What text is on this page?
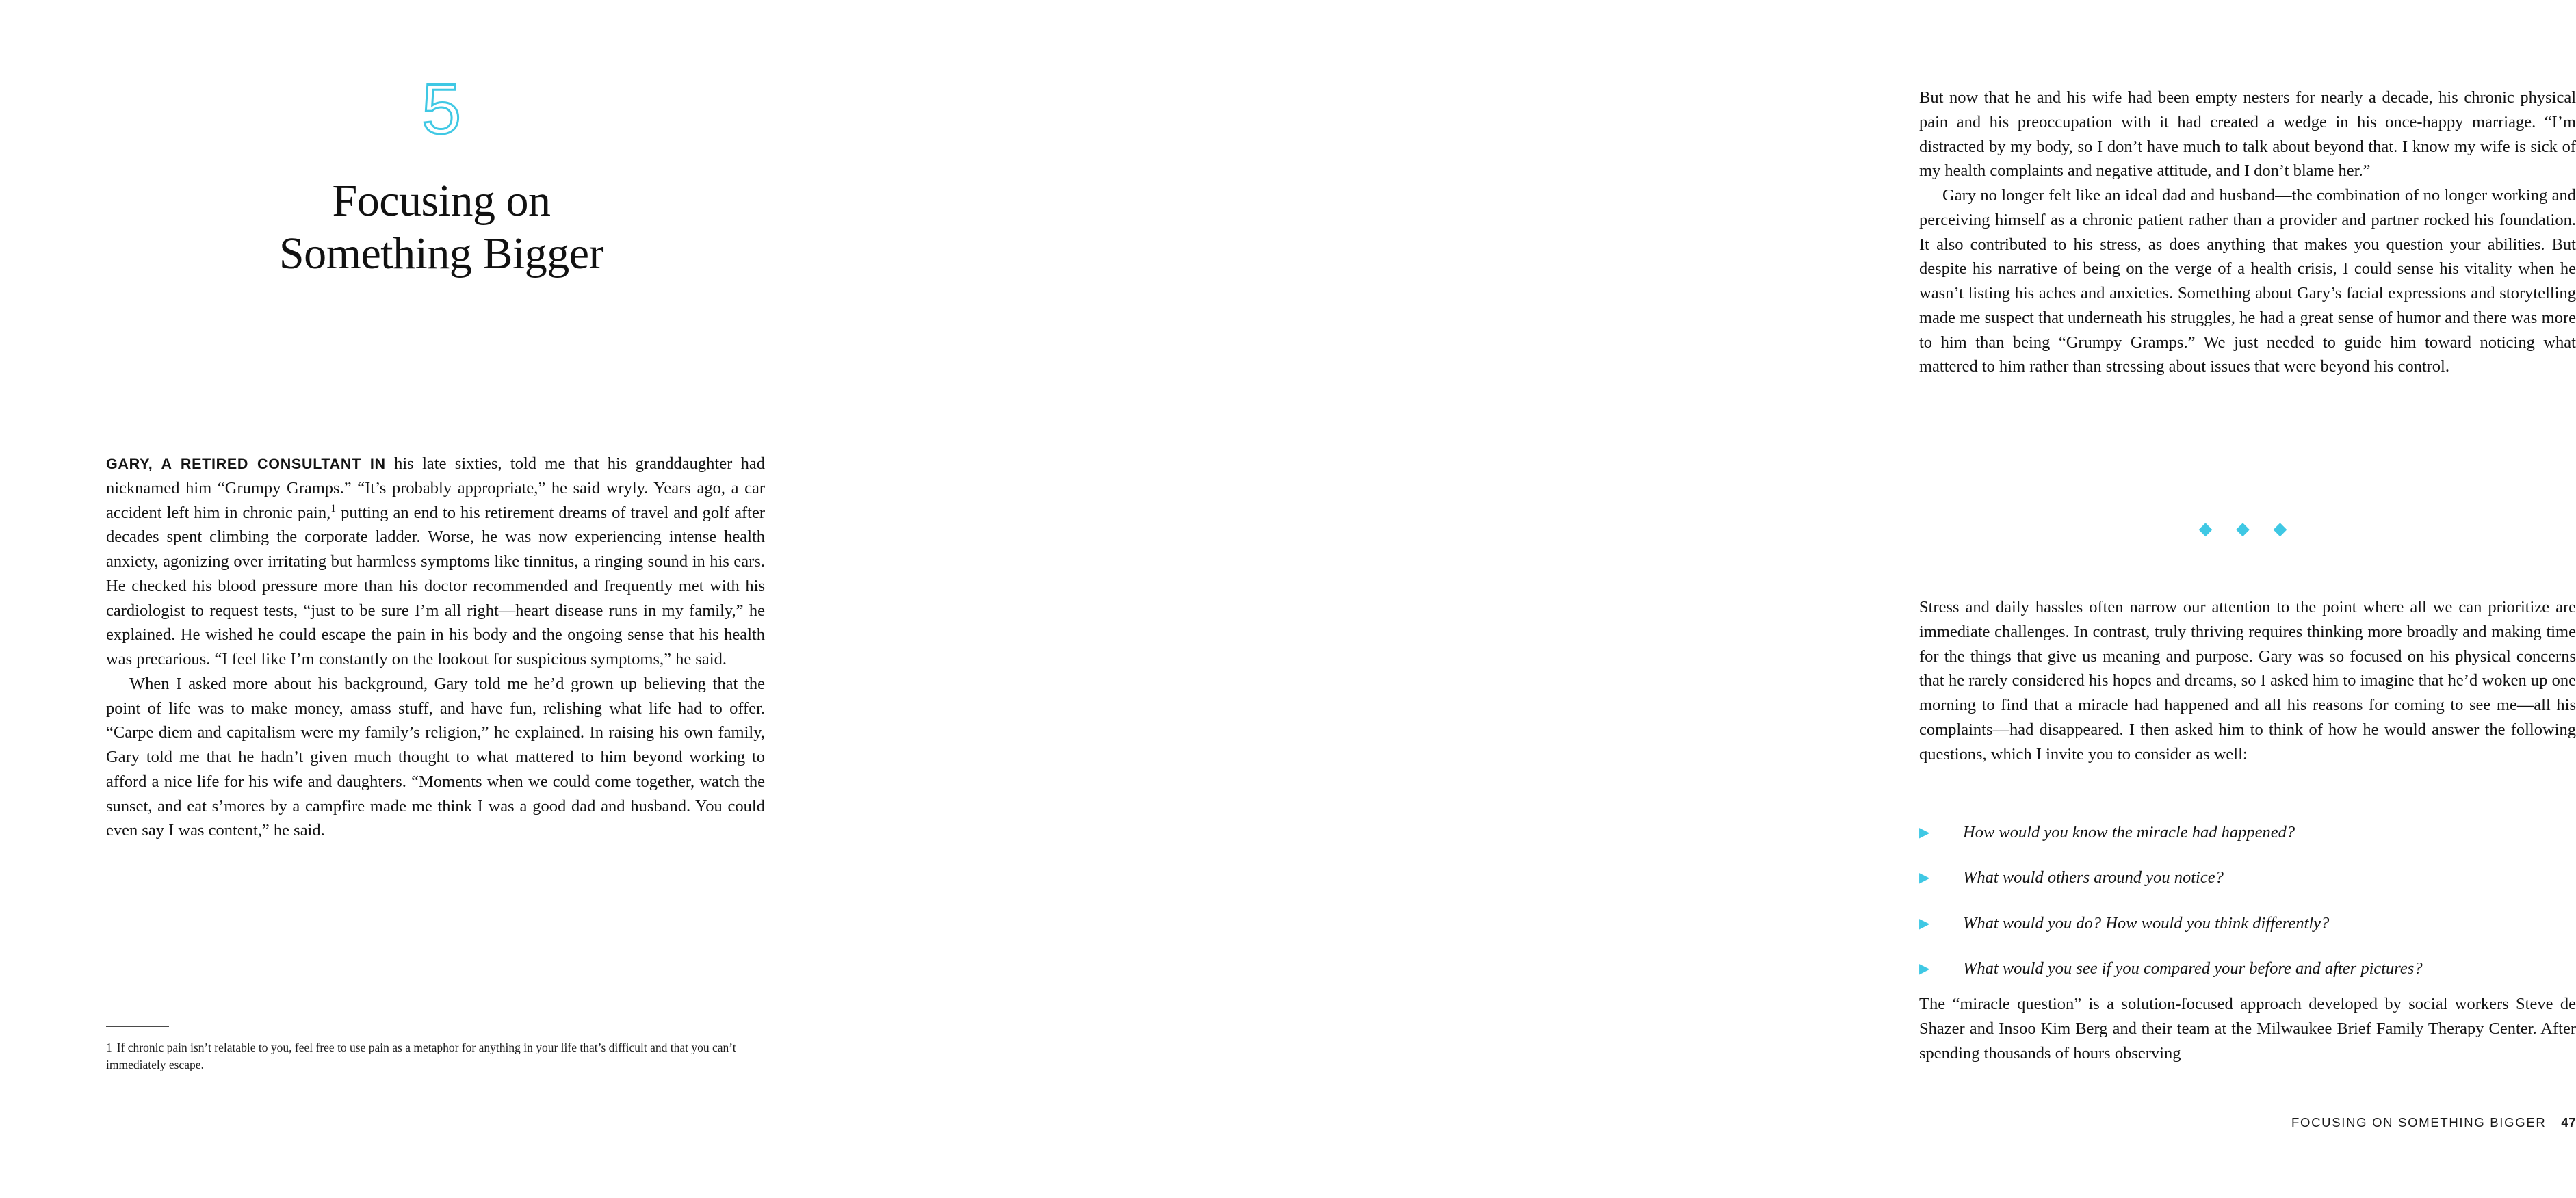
5
Focusing on
Something Bigger

GARY, A RETIRED CONSULTANT IN his late sixties, told me that his granddaughter had nicknamed him “Grumpy Gramps.” “It’s probably appropriate,” he said wryly. Years ago, a car accident left him in chronic pain,$^1$ putting an end to his retirement dreams of travel and golf after decades spent climbing the corporate ladder. Worse, he was now experiencing intense health anxiety, agonizing over irritating but harmless symptoms like tinnitus, a ringing sound in his ears. He checked his blood pressure more than his doctor recommended and frequently met with his cardiologist to request tests, “just to be sure I’m all right—heart disease runs in my family,” he explained. He wished he could escape the pain in his body and the ongoing sense that his health was precarious. “I feel like I’m constantly on the lookout for suspicious symptoms,” he said.

When I asked more about his background, Gary told me he’d grown up believing that the point of life was to make money, amass stuff, and have fun, relishing what life had to offer. “Carpe diem and capitalism were my family’s religion,” he explained. In raising his own family, Gary told me that he hadn’t given much thought to what mattered to him beyond working to afford a nice life for his wife and daughters. “Moments when we could come together, watch the sunset, and eat s’mores by a campfire made me think I was a good dad and husband. You could even say I was content,” he said.

1 If chronic pain isn’t relatable to you, feel free to use pain as a metaphor for anything in your life that’s difficult and that you can’t immediately escape.

But now that he and his wife had been empty nesters for nearly a decade, his chronic physical pain and his preoccupation with it had created a wedge in his once-happy marriage. “I’m distracted by my body, so I don’t have much to talk about beyond that. I know my wife is sick of my health complaints and negative attitude, and I don’t blame her.”

Gary no longer felt like an ideal dad and husband—the combination of no longer working and perceiving himself as a chronic patient rather than a provider and partner rocked his foundation. It also contributed to his stress, as does anything that makes you question your abilities. But despite his narrative of being on the verge of a health crisis, I could sense his vitality when he wasn’t listing his aches and anxieties. Something about Gary’s facial expressions and storytelling made me suspect that underneath his struggles, he had a great sense of humor and there was more to him than being “Grumpy Gramps.” We just needed to guide him toward noticing what mattered to him rather than stressing about issues that were beyond his control.

◆ ◆ ◆

Stress and daily hassles often narrow our attention to the point where all we can prioritize are immediate challenges. In contrast, truly thriving requires thinking more broadly and making time for the things that give us meaning and purpose. Gary was so focused on his physical concerns that he rarely considered his hopes and dreams, so I asked him to imagine that he’d woken up one morning to find that a miracle had happened and all his reasons for coming to see me—all his complaints—had disappeared. I then asked him to think of how he would answer the following questions, which I invite you to consider as well:

▶ How would you know the miracle had happened?
▶ What would others around you notice?
▶ What would you do? How would you think differently?
▶ What would you see if you compared your before and after pictures?
The “miracle question” is a solution-focused approach developed by social workers Steve de Shazer and Insoo Kim Berg and their team at the Milwaukee Brief Family Therapy Center. After spending thousands of hours observing
FOCUSING ON SOMETHING BIGGER 47
